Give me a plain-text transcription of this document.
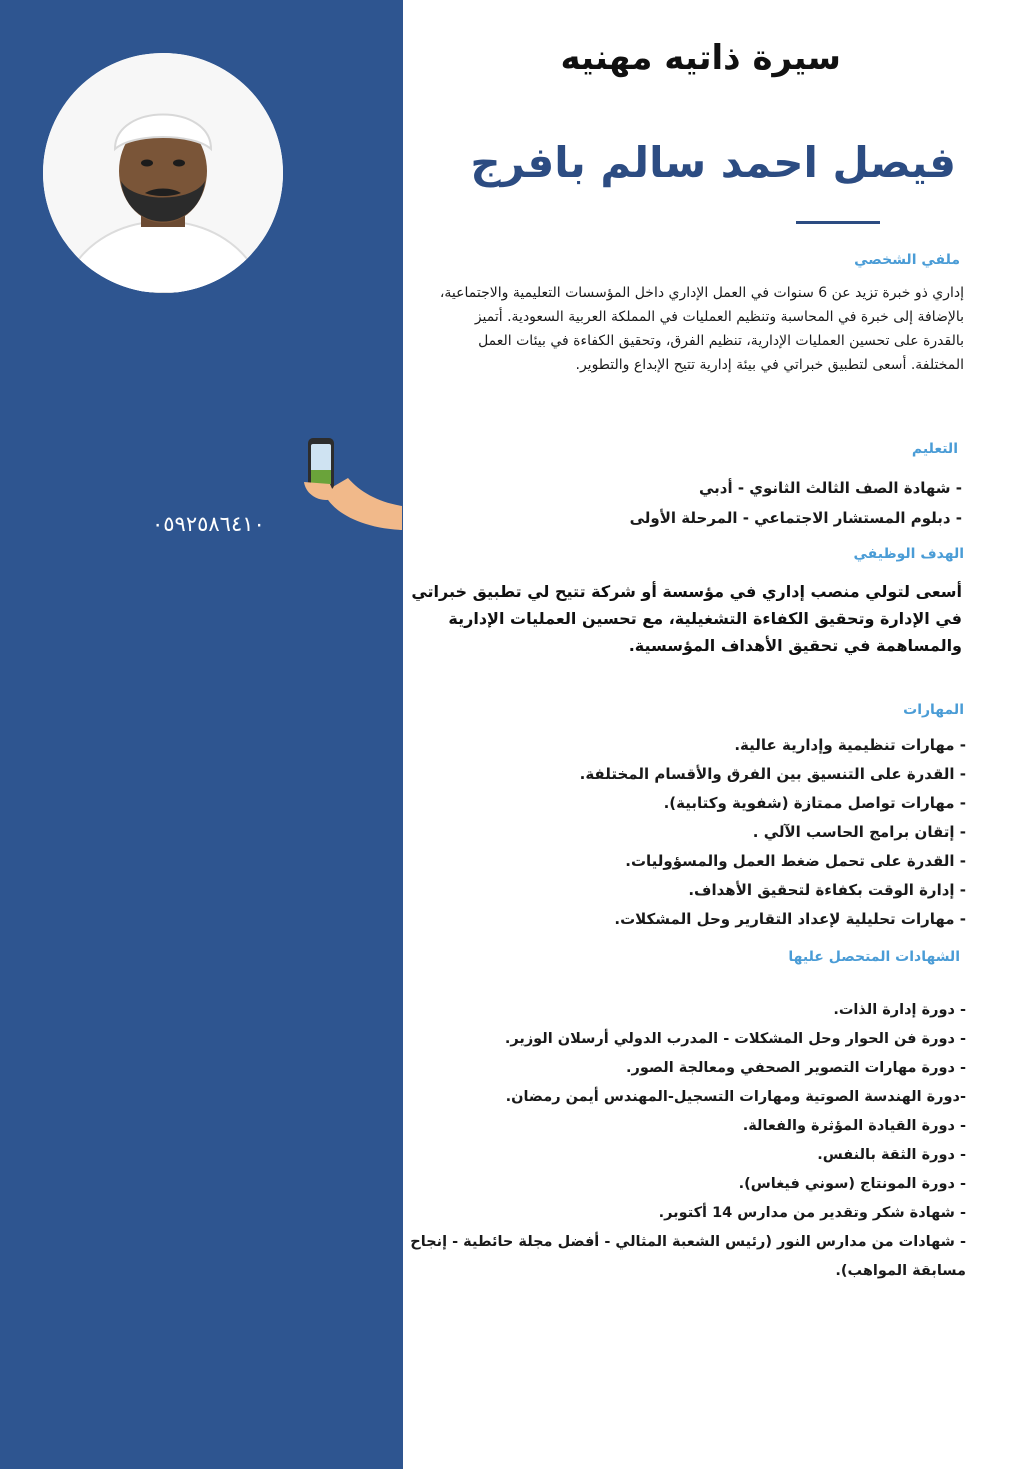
٠٥٩٢٥٨٦٤١٠
سيرة ذاتيه مهنيه
فيصل احمد سالم بافرج
ملفي الشخصي

إداري ذو خبرة تزيد عن 6 سنوات في العمل الإداري داخل المؤسسات التعليمية والاجتماعية، بالإضافة إلى خبرة في المحاسبة وتنظيم العمليات في المملكة العربية السعودية. أتميز بالقدرة على تحسين العمليات الإدارية، تنظيم الفرق، وتحقيق الكفاءة في بيئات العمل المختلفة. أسعى لتطبيق خبراتي في بيئة إدارية تتيح الإبداع والتطوير.

التعليم
- شهادة الصف الثالث الثانوي - أدبي
- دبلوم المستشار الاجتماعي - المرحلة الأولى
الهدف الوظيفي

أسعى لتولي منصب إداري في مؤسسة أو شركة تتيح لي تطبيق خبراتي في الإدارة وتحقيق الكفاءة التشغيلية، مع تحسين العمليات الإدارية والمساهمة في تحقيق الأهداف المؤسسية.

المهارات
- مهارات تنظيمية وإدارية عالية.
- القدرة على التنسيق بين الفرق والأقسام المختلفة.
- مهارات تواصل ممتازة (شفوية وكتابية).
- إتقان برامج الحاسب الآلي .
- القدرة على تحمل ضغط العمل والمسؤوليات.
- إدارة الوقت بكفاءة لتحقيق الأهداف.
- مهارات تحليلية لإعداد التقارير وحل المشكلات.
الشهادات المتحصل عليها
- دورة إدارة الذات.
- دورة فن الحوار وحل المشكلات - المدرب الدولي أرسلان الوزير.
- دورة مهارات التصوير الصحفي ومعالجة الصور.
-دورة الهندسة الصوتية ومهارات التسجيل-المهندس أيمن رمضان.
- دورة القيادة المؤثرة والفعالة.
- دورة الثقة بالنفس.
- دورة المونتاج (سوني فيغاس).
- شهادة شكر وتقدير من مدارس 14 أكتوبر.
- شهادات من مدارس النور (رئيس الشعبة المثالي - أفضل مجلة حائطية - إنجاح مسابقة المواهب).
